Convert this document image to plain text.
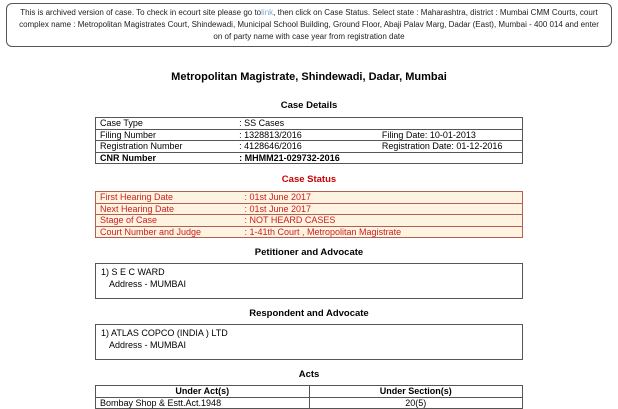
This is archived version of case. To check in ecourt site please go tolink, then click on Case Status. Select state : Maharashtra, district : Mumbai CMM Courts, court complex name : Metropolitan Magistrates Court, Shindewadi, Municipal School Building, Ground Floor, Abaji Palav Marg, Dadar (East), Mumbai - 400 014 and enter on of party name with case year from registration date
Metropolitan Magistrate, Shindewadi, Dadar, Mumbai
Case Details
Case Type	: SS Cases	
Filing Number	: 1328813/2016	Filing Date: 10-01-2013
Registration Number	: 4128646/2016	Registration Date: 01-12-2016
CNR Number	: MHMM21-029732-2016	
Case Status
First Hearing Date	: 01st June 2017
Next Hearing Date	: 01st June 2017
Stage of Case	: NOT HEARD CASES
Court Number and Judge	: 1-41th Court , Metropolitan Magistrate
Petitioner and Advocate
1) S E C WARD
Address - MUMBAI
Respondent and Advocate
1) ATLAS COPCO (INDIA ) LTD
Address - MUMBAI
Acts
Under Act(s)	Under Section(s)
Bombay Shop & Estt.Act.1948	20(5)
